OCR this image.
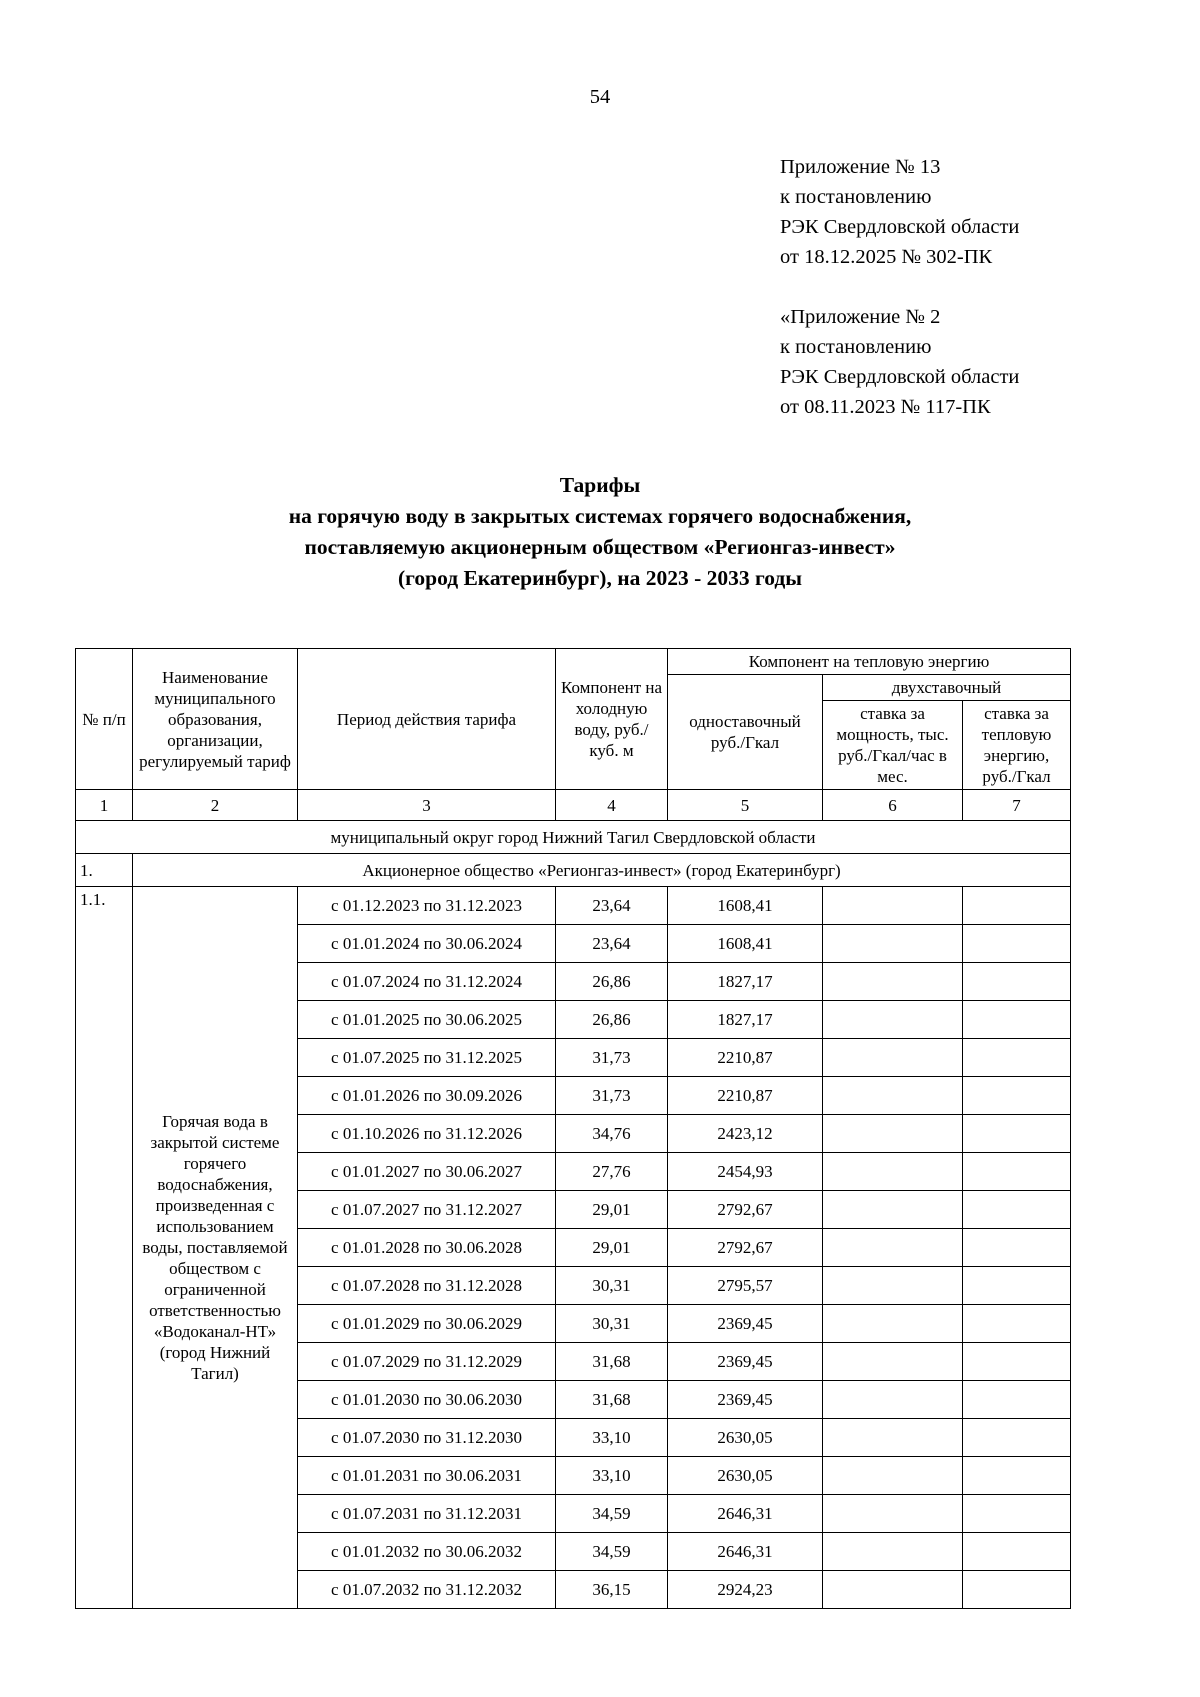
54
Приложение № 13
к постановлению
РЭК Свердловской области
от 18.12.2025 № 302-ПК
«Приложение № 2
к постановлению
РЭК Свердловской области
от 08.11.2023 № 117-ПК
Тарифы
на горячую воду в закрытых системах горячего водоснабжения,
поставляемую акционерным обществом «Регионгаз-инвест»
(город Екатеринбург), на 2023 - 2033 годы
№ п/п	Наименование муниципального образования, организации, регулируемый тариф	Период действия тарифа	Компонент на холодную воду, руб./куб. м	Компонент на тепловую энергию		
				одноставочный руб./Гкал	двухставочный	
					ставка за мощность, тыс. руб./Гкал/час в мес.	ставка за тепловую энергию, руб./Гкал

1	2	3	4	5	6	7
муниципальный округ город Нижний Тагил Свердловской области						
1.	Акционерное общество «Регионгаз-инвест» (город Екатеринбург)					
1.1.	Горячая вода в закрытой системе горячего водоснабжения, произведенная с использованием воды, поставляемой обществом с ограниченной ответственностью «Водоканал-НТ» (город Нижний Тагил)	с 01.12.2023 по 31.12.2023	23,64	1608,41		
		с 01.01.2024 по 30.06.2024	23,64	1608,41		
		с 01.07.2024 по 31.12.2024	26,86	1827,17		
		с 01.01.2025 по 30.06.2025	26,86	1827,17		
		с 01.07.2025 по 31.12.2025	31,73	2210,87		
		с 01.01.2026 по 30.09.2026	31,73	2210,87		
		с 01.10.2026 по 31.12.2026	34,76	2423,12		
		с 01.01.2027 по 30.06.2027	27,76	2454,93		
		с 01.07.2027 по 31.12.2027	29,01	2792,67		
		с 01.01.2028 по 30.06.2028	29,01	2792,67		
		с 01.07.2028 по 31.12.2028	30,31	2795,57		
		с 01.01.2029 по 30.06.2029	30,31	2369,45		
		с 01.07.2029 по 31.12.2029	31,68	2369,45		
		с 01.01.2030 по 30.06.2030	31,68	2369,45		
		с 01.07.2030 по 31.12.2030	33,10	2630,05		
		с 01.01.2031 по 30.06.2031	33,10	2630,05		
		с 01.07.2031 по 31.12.2031	34,59	2646,31		
		с 01.01.2032 по 30.06.2032	34,59	2646,31		
		с 01.07.2032 по 31.12.2032	36,15	2924,23		
